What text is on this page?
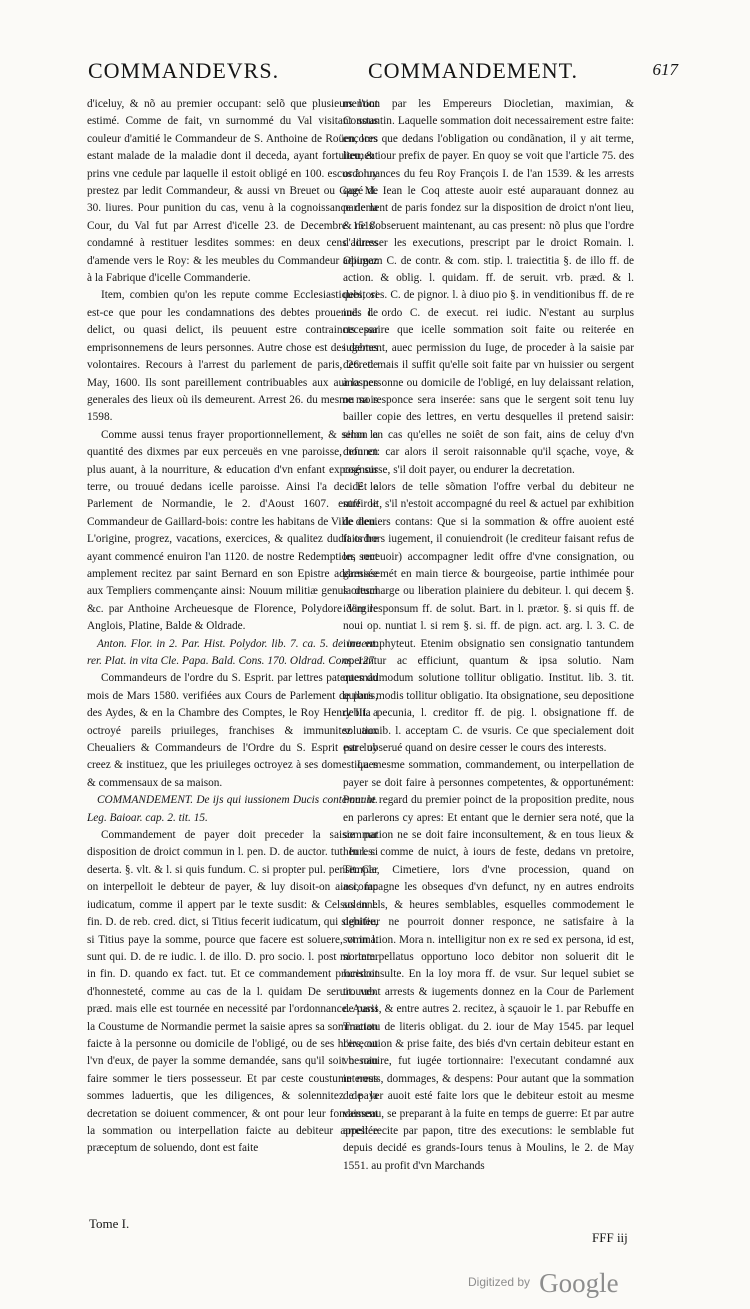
COMMANDEVRS.	COMMANDEMENT.	617

d'iceluy, & nõ au premier occupant: selõ que plusieurs l'ont estimé. Comme de fait, vn surnommé du Val visitant sous couleur d'amitié le Commandeur de S. Anthoine de Roüen, lors estant malade de la maladie dont il deceda, ayant fortuitement prins vne cedule par laquelle il estoit obligé en 100. escus à luy prestez par ledit Commandeur, & aussi vn Breuet ou Gagé de 30. liures. Pour punition du cas, venu à la cognoissance de la Cour, du Val fut par Arrest d'icelle 23. de Decembre 1518. condamné à restituer lesdites sommes: en deux cens liures d'amende vers le Roy: & les meubles du Commandeur adiugez à la Fabrique d'icelle Commanderie.

Item, combien qu'on les repute comme Ecclesiastiques, si est-ce que pour les condamnations des debtes prouenuës de delict, ou quasi delict, ils peuuent estre contraincts par emprisonnemens de leurs personnes. Autre chose est des debtes volontaires. Recours à l'arrest du parlement de paris, 26. de May, 1600. Ils sont pareillement contribuables aux aumosnes generales des lieux où ils demeurent. Arrest 26. du mesme mois 1598.

Comme aussi tenus frayer proportionnellement, & selon la quantité des dixmes par eux perceuës en vne paroisse, non en plus auant, à la nourriture, & education d'vn enfant exposé sur terre, ou trouué dedans icelle paroisse. Ainsi l'a decidé le Parlement de Normandie, le 2. d'Aoust 1607. entre le Commandeur de Gaillard-bois: contre les habitans de Ville dieu. L'origine, progrez, vacations, exercices, & qualitez dudit ordre ayant commencé enuiron l'an 1120. de nostre Redemption, sont amplement recitez par saint Bernard en son Epistre addressée aux Templiers commençante ainsi: Nouum militiæ genus ortum &c. par Anthoine Archeuesque de Florence, Polydore Virgile Anglois, Platine, Balde & Oldrade.

Anton. Flor. in 2. Par. Hist. Polydor. lib. 7. ca. 5. de inuent. rer. Plat. in vita Cle. Papa. Bald. Cons. 170. Oldrad. Cons. 127.

Commandeurs de l'ordre du S. Esprit. par lettres patentes du mois de Mars 1580. verifiées aux Cours de Parlement de paris, des Aydes, & en la Chambre des Comptes, le Roy Henry III. a octroyé pareils priuileges, franchises & immunitez aux Cheualiers & Commandeurs de l'Ordre du S. Esprit par luy creez & instituez, que les priuileges octroyez à ses domestiques & commensaux de sa maison.

COMMANDEMENT. De ijs qui iussionem Ducis contemnunt. Leg. Baioar. cap. 2. tit. 15.

Commandement de payer doit preceder la saisie par disposition de droict commun in l. pen. D. de auctor. tut. In l. si deserta. §. vlt. & l. si quis fundum. C. si propter pul. pensit. Car on interpelloit le debteur de payer, & luy disoit-on ainsi, fac iudicatum, comme il appert par le texte susdit: & Celsus in l. fin. D. de reb. cred. dict, si Titius fecerit iudicatum, qui signifie, si Titius paye la somme, pource que facere est soluere, vt in l. sunt qui. D. de re iudic. l. de illo. D. pro socio. l. post mortem. in fin. D. quando ex fact. tut. Et ce commandement procedoit d'honnesteté, comme au cas de la l. quidam De seruit. vrb. præd. mais elle est tournée en necessité par l'ordonnance. Aussi la Coustume de Normandie permet la saisie apres sa sommation faicte à la personne ou domicile de l'obligé, ou de ses hoirs, ou l'vn d'eux, de payer la somme demandée, sans qu'il soit besoin faire sommer le tiers possesseur. Et par ceste coustume nous sommes laduertis, que les diligences, & solennitez de la decretation se doiuent commencer, & ont pour leur fondement la sommation ou interpellation faicte au debiteur appellée præceptum de soluendo, dont est faite

mention par les Empereurs Diocletian, maximian, & Constantin. Laquelle sommation doit necessairement estre faite: encores que dedans l'obligation ou condãnation, il y ait terme, lieu, & iour prefix de payer. En quoy se voit que l'article 75. des ordonnances du feu Roy François I. de l'an 1539. & les arrests que M. Iean le Coq atteste auoir esté auparauant donnez au parlement de paris fondez sur la disposition de droict n'ont lieu, & ne s'obseruent maintenant, au cas present: nõ plus que l'ordre d'adresser les executions, prescript par le droict Romain. l. Opimam C. de contr. & com. stip. l. traiectitia §. de illo ff. de action. & oblig. l. quidam. ff. de seruit. vrb. præd. & l. debitores. C. de pignor. l. à diuo pio §. in venditionibus ff. de re ind. l. ordo C. de execut. rei iudic. N'estant au surplus necessaire que icelle sommation soit faite ou reiterée en iugement, auec permission du Iuge, de proceder à la saisie par decret: mais il suffit qu'elle soit faite par vn huissier ou sergent à la personne ou domicile de l'obligé, en luy delaissant relation, ou sa responce sera inserée: sans que le sergent soit tenu luy bailler copie des lettres, en vertu desquelles il pretend saisir: sinon en cas qu'elles ne soiêt de son fait, ains de celuy d'vn defunct: car alors il seroit raisonnable qu'il sçache, voye, & cognoisse, s'il doit payer, ou endurer la decretation.

Et alors de telle sõmation l'offre verbal du debiteur ne suffiroit, s'il n'estoit accompagné du reel & actuel par exhibition de deniers contans: Que si la sommation & offre auoient esté faits hors iugement, il conuiendroit (le crediteur faisant refus de les receuoir) accompagner ledit offre d'vne consignation, ou garnissemét en main tierce & bourgeoise, partie inthimée pour la descharge ou liberation plainiere du debiteur. l. qui decem §. idem responsum ff. de solut. Bart. in l. prætor. §. si quis ff. de noui op. nuntiat l. si rem §. si. ff. de pign. act. arg. l. 3. C. de iure emphyteut. Etenim obsignatio sen consignatio tantundem operantur ac efficiunt, quantum & ipsa solutio. Nam quemadmodum solutione tollitur obligatio. Institut. lib. 3. tit. quibus modis tollitur obligatio. Ita obsignatione, seu depositione debita pecunia, l. creditor ff. de pig. l. obsignatione ff. de solutionib. l. acceptam C. de vsuris. Ce que specialement doit estre obserué quand on desire cesser le cours des interests.

La mesme sommation, commandement, ou interpellation de payer se doit faire à personnes competentes, & opportunément: Pour le regard du premier poinct de la proposition predite, nous en parlerons cy apres: Et entant que le dernier sera noté, que la sommation ne se doit faire inconsultement, & en tous lieux & heures: comme de nuict, à iours de feste, dedans vn pretoire, Temple, Cimetiere, lors d'vne procession, quand on accompagne les obseques d'vn defunct, ny en autres endroits solennels, & heures semblables, esquelles commodement le debiteur ne pourroit donner responce, ne satisfaire à la sommation. Mora n. intelligitur non ex re sed ex persona, id est, si interpellatus opportuno loco debitor non soluerit dit le Iurisconsulte. En la loy mora ff. de vsur. Sur lequel subiet se trouuent arrests & iugements donnez en la Cour de Parlement de paris, & entre autres 2. recitez, à sçauoir le 1. par Rebuffe en Tractatu de literis obligat. du 2. iour de May 1545. par lequel l'execution & prise faite, des biés d'vn certain debiteur estant en vn nauire, fut iugée tortionnaire: l'executant condamné aux interests, dommages, & despens: Pour autant que la sommation de payer auoit esté faite lors que le debiteur estoit au mesme vaisseau, se preparant à la fuite en temps de guerre: Et par autre arrest recite par papon, titre des executions: le semblable fut depuis decidé es grands-Iours tenus à Moulins, le 2. de May 1551. au profit d'vn Marchands

Tome I.
FFF iij
$^{Digitized by}$ Google
